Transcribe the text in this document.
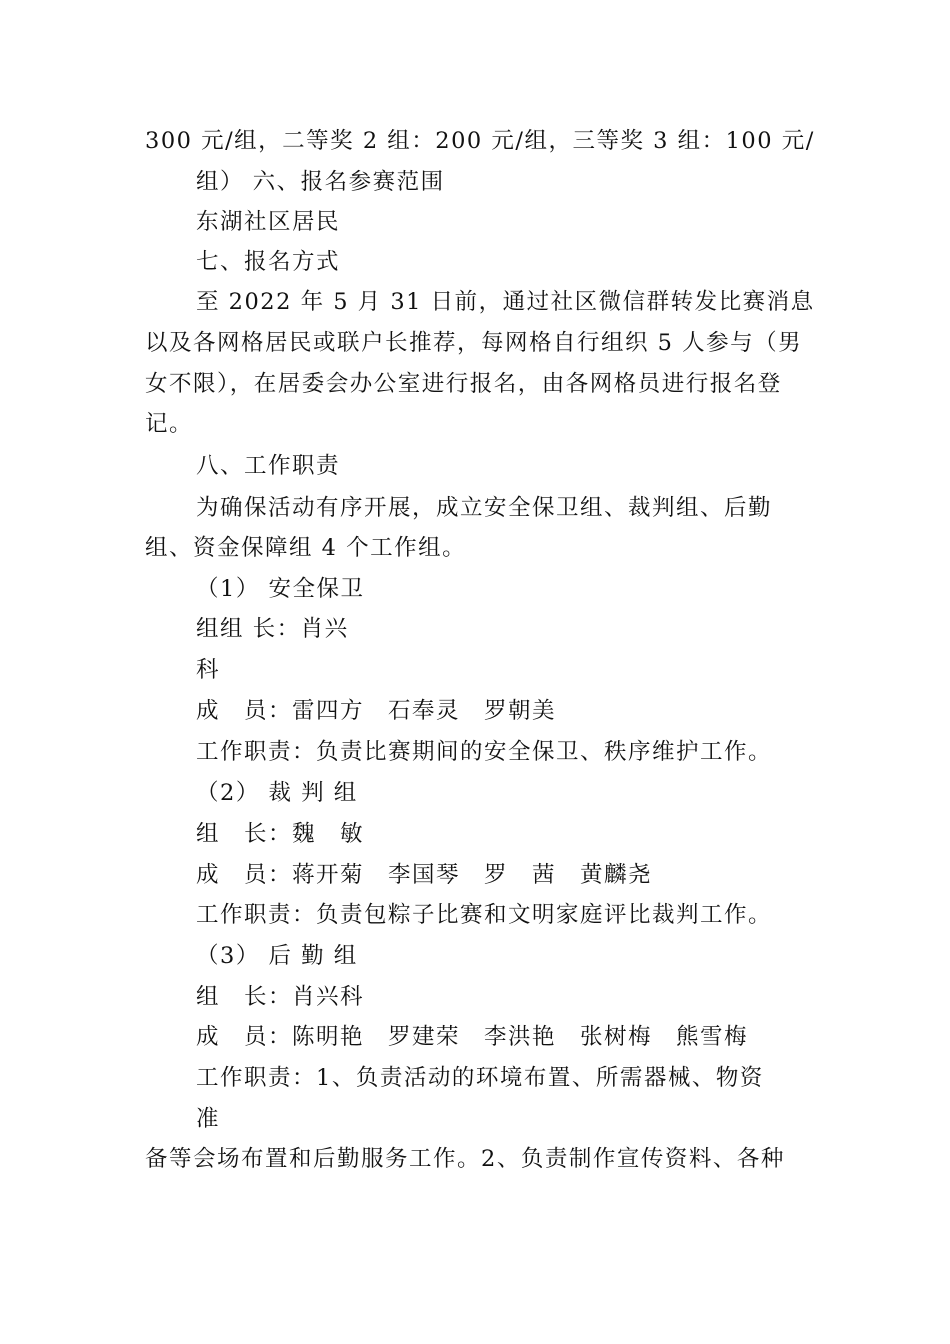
300 元/组，二等奖 2 组：200 元/组，三等奖 3 组：100 元/
组） 六、报名参赛范围
东湖社区居民
七、报名方式
至 2022 年 5 月 31 日前，通过社区微信群转发比赛消息
以及各网格居民或联户长推荐，每网格自行组织 5 人参与（男
女不限），在居委会办公室进行报名，由各网格员进行报名登
记。
八、工作职责
为确保活动有序开展，成立安全保卫组、裁判组、后勤
组、资金保障组 4 个工作组。
（1） 安全保卫
组组 长：肖兴
科
成　员：雷四方　石奉灵　罗朝美
工作职责：负责比赛期间的安全保卫、秩序维护工作。
（2） 裁 判 组
组　长：魏　敏
成　员：蒋开菊　李国琴　罗　茜　黄麟尧
工作职责：负责包粽子比赛和文明家庭评比裁判工作。
（3） 后 勤 组
组　长：肖兴科
成　员：陈明艳　罗建荣　李洪艳　张树梅　熊雪梅
工作职责：1、负责活动的环境布置、所需器械、物资
准
备等会场布置和后勤服务工作。2、负责制作宣传资料、各种
